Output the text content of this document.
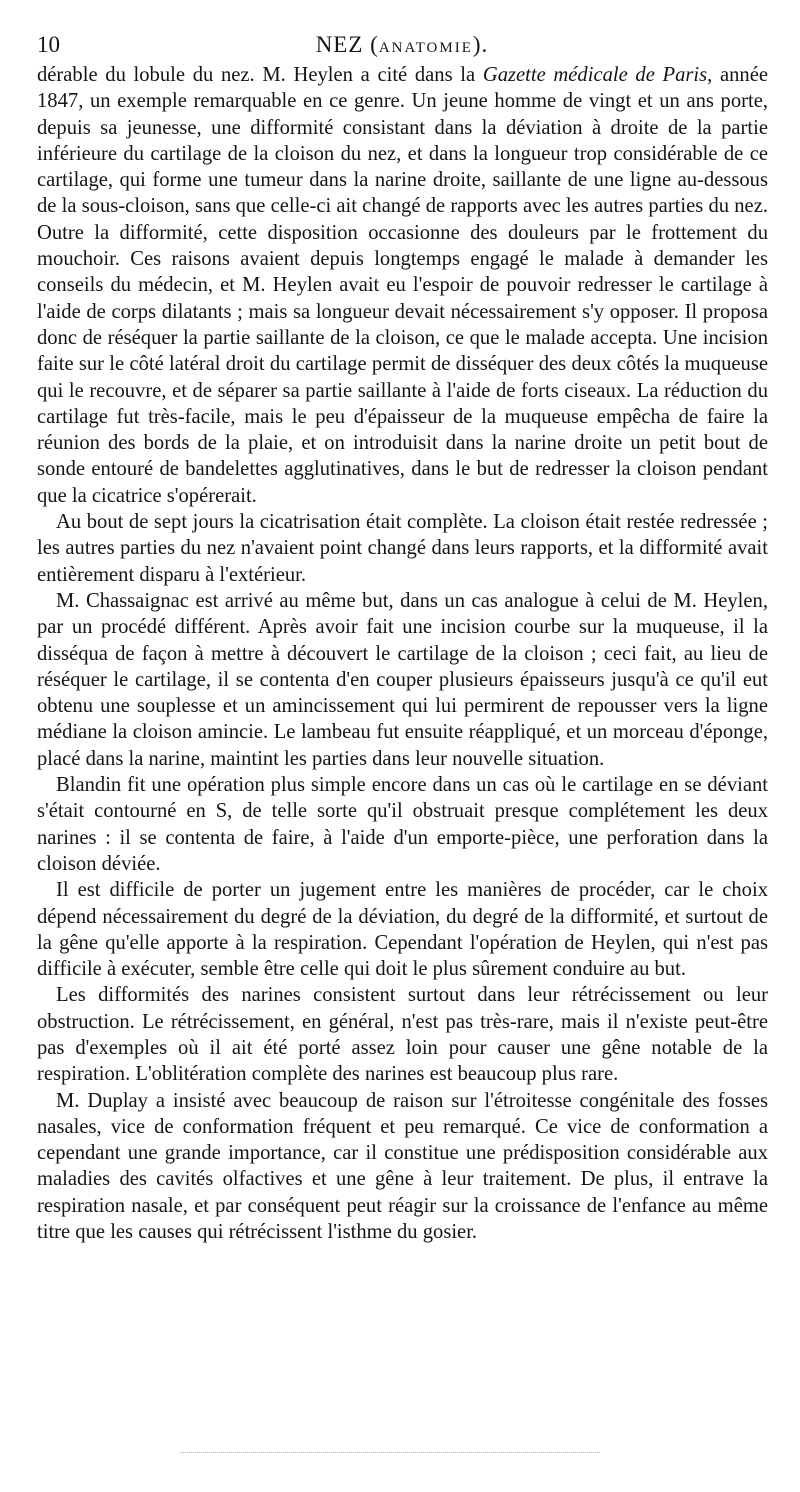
10	NEZ (ANATOMIE).

dérable du lobule du nez. M. Heylen a cité dans la Gazette médicale de Paris, année 1847, un exemple remarquable en ce genre. Un jeune homme de vingt et un ans porte, depuis sa jeunesse, une difformité consistant dans la déviation à droite de la partie inférieure du cartilage de la cloison du nez, et dans la longueur trop considérable de ce cartilage, qui forme une tumeur dans la narine droite, saillante de une ligne au-dessous de la sous-cloison, sans que celle-ci ait changé de rapports avec les autres parties du nez. Outre la difformité, cette disposition occasionne des douleurs par le frottement du mouchoir. Ces raisons avaient depuis longtemps engagé le malade à demander les conseils du médecin, et M. Heylen avait eu l'espoir de pouvoir redresser le cartilage à l'aide de corps dilatants ; mais sa longueur devait nécessairement s'y opposer. Il proposa donc de réséquer la partie saillante de la cloison, ce que le malade accepta. Une incision faite sur le côté latéral droit du cartilage permit de disséquer des deux côtés la muqueuse qui le recouvre, et de séparer sa partie saillante à l'aide de forts ciseaux. La réduction du cartilage fut très-facile, mais le peu d'épaisseur de la muqueuse empêcha de faire la réunion des bords de la plaie, et on introduisit dans la narine droite un petit bout de sonde entouré de bandelettes agglutinatives, dans le but de redresser la cloison pendant que la cicatrice s'opérerait.

Au bout de sept jours la cicatrisation était complète. La cloison était restée redressée ; les autres parties du nez n'avaient point changé dans leurs rapports, et la difformité avait entièrement disparu à l'extérieur.

M. Chassaignac est arrivé au même but, dans un cas analogue à celui de M. Heylen, par un procédé différent. Après avoir fait une incision courbe sur la muqueuse, il la disséqua de façon à mettre à découvert le cartilage de la cloison ; ceci fait, au lieu de réséquer le cartilage, il se contenta d'en couper plusieurs épaisseurs jusqu'à ce qu'il eut obtenu une souplesse et un amincissement qui lui permirent de repousser vers la ligne médiane la cloison amincie. Le lambeau fut ensuite réappliqué, et un morceau d'éponge, placé dans la narine, maintint les parties dans leur nouvelle situation.

Blandin fit une opération plus simple encore dans un cas où le cartilage en se déviant s'était contourné en S, de telle sorte qu'il obstruait presque complétement les deux narines : il se contenta de faire, à l'aide d'un emporte-pièce, une perforation dans la cloison déviée.

Il est difficile de porter un jugement entre les manières de procéder, car le choix dépend nécessairement du degré de la déviation, du degré de la difformité, et surtout de la gêne qu'elle apporte à la respiration. Cependant l'opération de Heylen, qui n'est pas difficile à exécuter, semble être celle qui doit le plus sûrement conduire au but.

Les difformités des narines consistent surtout dans leur rétrécissement ou leur obstruction. Le rétrécissement, en général, n'est pas très-rare, mais il n'existe peut-être pas d'exemples où il ait été porté assez loin pour causer une gêne notable de la respiration. L'oblitération complète des narines est beaucoup plus rare.

M. Duplay a insisté avec beaucoup de raison sur l'étroitesse congénitale des fosses nasales, vice de conformation fréquent et peu remarqué. Ce vice de conformation a cependant une grande importance, car il constitue une prédisposition considérable aux maladies des cavités olfactives et une gêne à leur traitement. De plus, il entrave la respiration nasale, et par conséquent peut réagir sur la croissance de l'enfance au même titre que les causes qui rétrécissent l'isthme du gosier.
